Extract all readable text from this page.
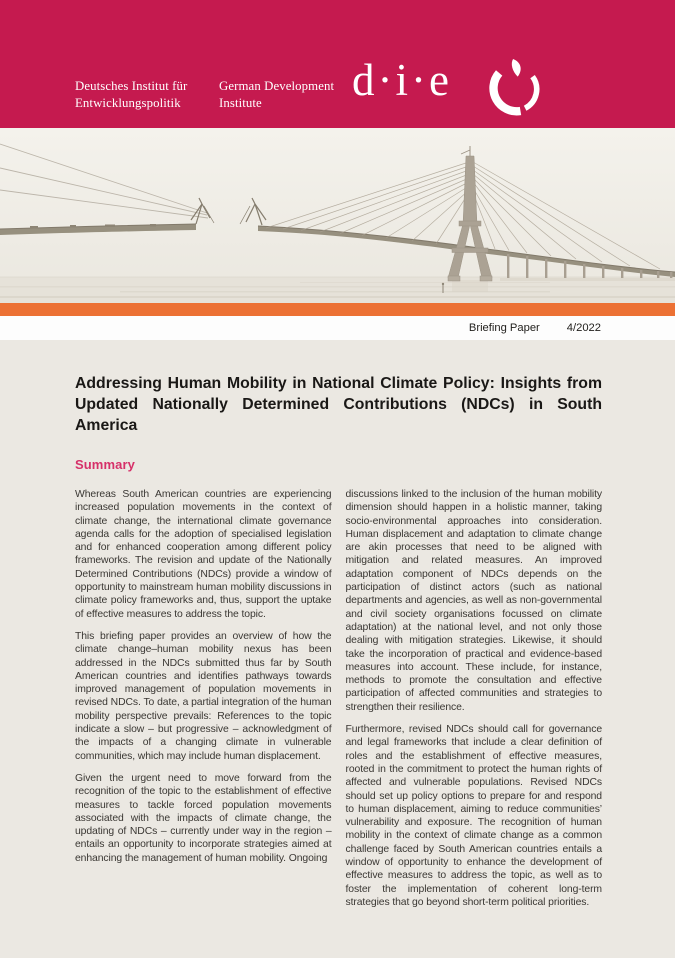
Deutsches Institut für
Entwicklungspolitik
German Development
Institute	d·i·e
Briefing Paper 4/2022
Addressing Human Mobility in National Climate Policy: Insights from
Updated Nationally Determined Contributions (NDCs) in South America
Summary

Whereas South American countries are experiencing increased population movements in the context of climate change, the international climate governance agenda calls for the adoption of specialised legislation and for enhanced cooperation among different policy frameworks. The revision and update of the Nationally Determined Contributions (NDCs) provide a window of opportunity to mainstream human mobility discussions in climate policy frameworks and, thus, support the uptake of effective measures to address the topic.

This briefing paper provides an overview of how the climate change–human mobility nexus has been addressed in the NDCs submitted thus far by South American countries and identifies pathways towards improved management of population movements in revised NDCs. To date, a partial integration of the human mobility perspective prevails: References to the topic indicate a slow – but progressive – acknowledgment of the impacts of a changing climate in vulnerable communities, which may include human displacement.

Given the urgent need to move forward from the recognition of the topic to the establishment of effective measures to tackle forced population movements associated with the impacts of climate change, the updating of NDCs – currently under way in the region – entails an opportunity to incorporate strategies aimed at enhancing the management of human mobility. Ongoing

discussions linked to the inclusion of the human mobility dimension should happen in a holistic manner, taking socio-environmental approaches into consideration. Human displacement and adaptation to climate change are akin processes that need to be aligned with mitigation and related measures. An improved adaptation component of NDCs depends on the participation of distinct actors (such as national departments and agencies, as well as non-governmental and civil society organisations focussed on climate adaptation) at the national level, and not only those dealing with mitigation strategies. Likewise, it should take the incorporation of practical and evidence-based measures into account. These include, for instance, methods to promote the consultation and effective participation of affected communities and strategies to strengthen their resilience.

Furthermore, revised NDCs should call for governance and legal frameworks that include a clear definition of roles and the establishment of effective measures, rooted in the commitment to protect the human rights of affected and vulnerable populations. Revised NDCs should set up policy options to prepare for and respond to human displacement, aiming to reduce communities’ vulnerability and exposure. The recognition of human mobility in the context of climate change as a common challenge faced by South American countries entails a window of opportunity to enhance the development of effective measures to address the topic, as well as to foster the implementation of coherent long-term strategies that go beyond short-term political priorities.
